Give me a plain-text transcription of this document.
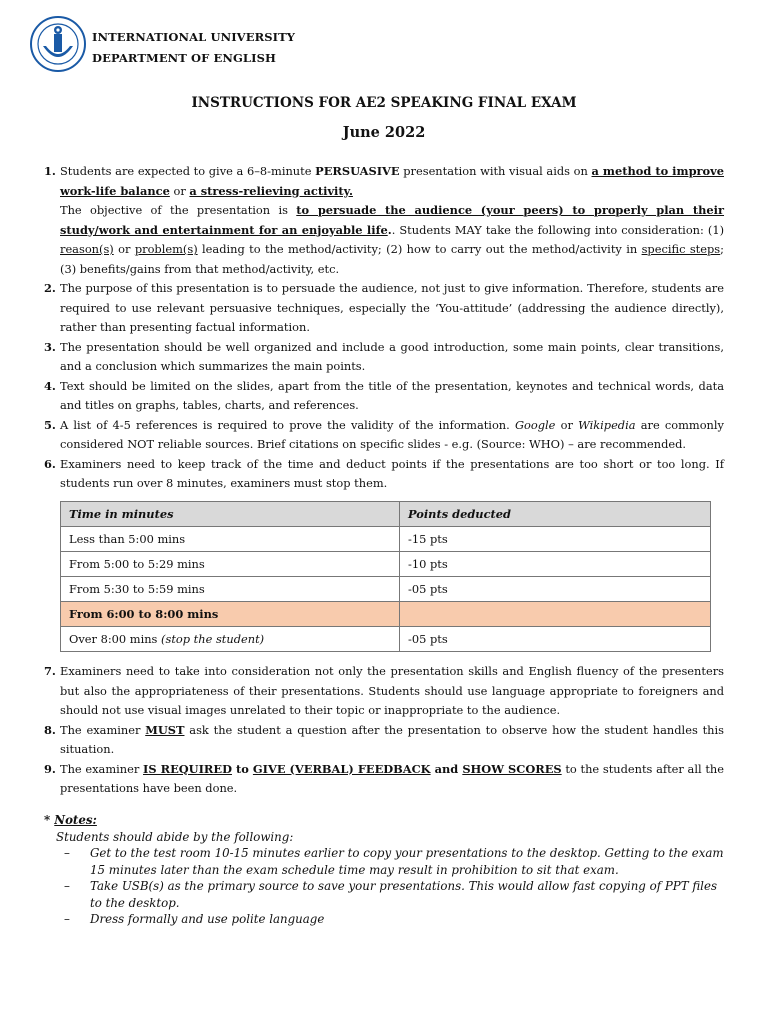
INTERNATIONAL UNIVERSITY
DEPARTMENT OF ENGLISH
INSTRUCTIONS FOR AE2 SPEAKING FINAL EXAM
June 2022
1. Students are expected to give a 6–8-minute PERSUASIVE presentation with visual aids on a method to improve work-life balance or a stress-relieving activity.
The objective of the presentation is to persuade the audience (your peers) to properly plan their study/work and entertainment for an enjoyable life.. Students MAY take the following into consideration: (1) reason(s) or problem(s) leading to the method/activity; (2) how to carry out the method/activity in specific steps; (3) benefits/gains from that method/activity, etc.
2. The purpose of this presentation is to persuade the audience, not just to give information. Therefore, students are required to use relevant persuasive techniques, especially the ‘You-attitude’ (addressing the audience directly), rather than presenting factual information.
3. The presentation should be well organized and include a good introduction, some main points, clear transitions, and a conclusion which summarizes the main points.
4. Text should be limited on the slides, apart from the title of the presentation, keynotes and technical words, data and titles on graphs, tables, charts, and references.
5. A list of 4-5 references is required to prove the validity of the information. Google or Wikipedia are commonly considered NOT reliable sources. Brief citations on specific slides - e.g. (Source: WHO) – are recommended.
6. Examiners need to keep track of the time and deduct points if the presentations are too short or too long. If students run over 8 minutes, examiners must stop them.
Time in minutes	Points deducted
Less than 5:00 mins	-15 pts
From 5:00 to 5:29 mins	-10 pts
From 5:30 to 5:59 mins	-05 pts
From 6:00 to 8:00 mins	
Over 8:00 mins (stop the student)	-05 pts
7. Examiners need to take into consideration not only the presentation skills and English fluency of the presenters but also the appropriateness of their presentations. Students should use language appropriate to foreigners and should not use visual images unrelated to their topic or inappropriate to the audience.
8. The examiner MUST ask the student a question after the presentation to observe how the student handles this situation.
9. The examiner IS REQUIRED to GIVE (VERBAL) FEEDBACK and SHOW SCORES to the students after all the presentations have been done.
* Notes:
Students should abide by the following:
– Get to the test room 10-15 minutes earlier to copy your presentations to the desktop. Getting to the exam 15 minutes later than the exam schedule time may result in prohibition to sit that exam.
– Take USB(s) as the primary source to save your presentations. This would allow fast copying of PPT files to the desktop.
– Dress formally and use polite language
